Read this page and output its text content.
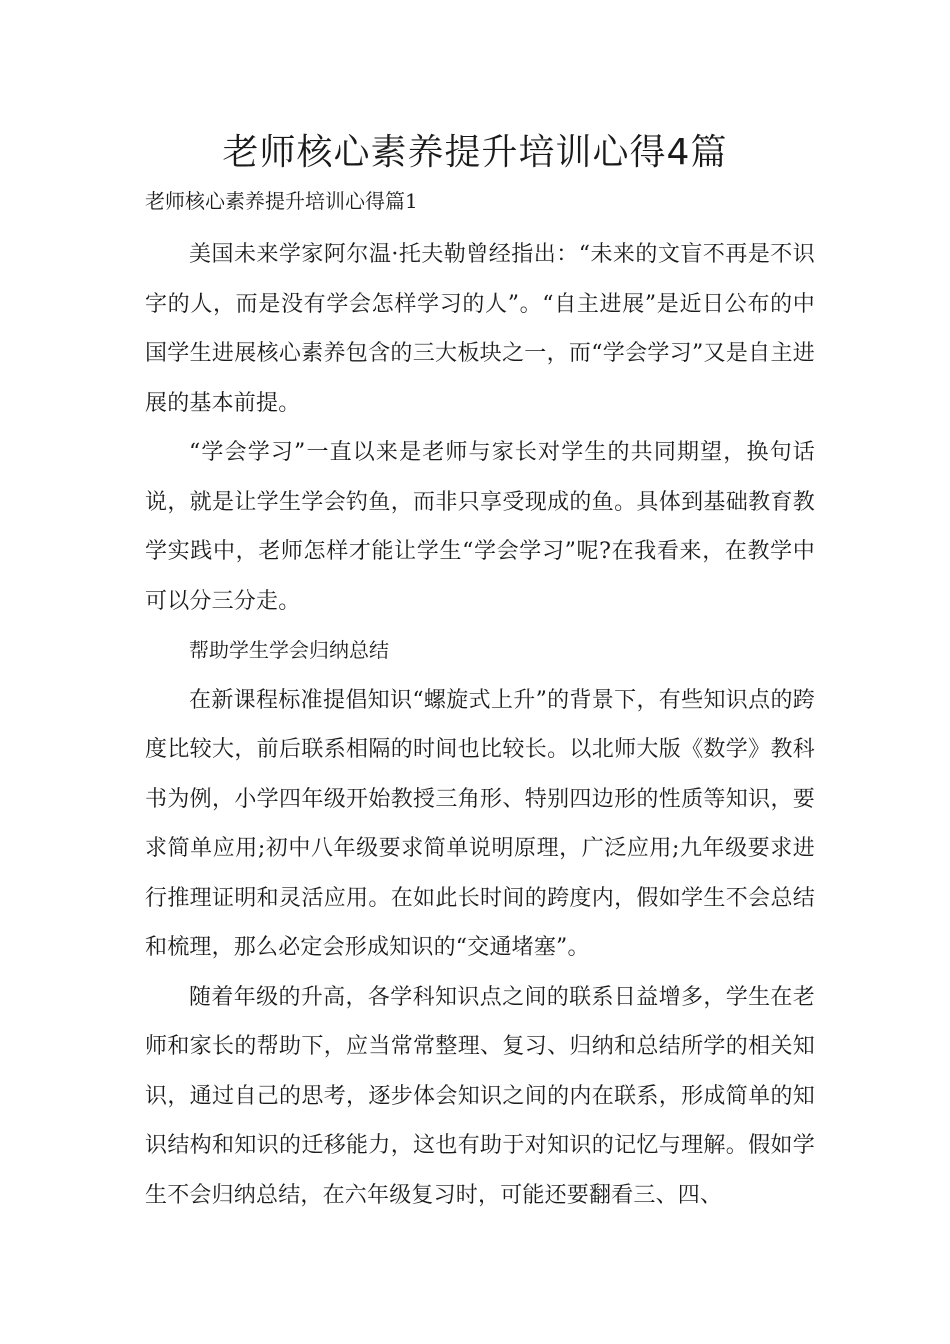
老师核心素养提升培训心得4篇

老师核心素养提升培训心得篇1

美国未来学家阿尔温·托夫勒曾经指出：“未来的文盲不再是不识字的人，而是没有学会怎样学习的人”。“自主进展”是近日公布的中国学生进展核心素养包含的三大板块之一，而“学会学习”又是自主进展的基本前提。

“学会学习”一直以来是老师与家长对学生的共同期望，换句话说，就是让学生学会钓鱼，而非只享受现成的鱼。具体到基础教育教学实践中，老师怎样才能让学生“学会学习”呢?在我看来，在教学中可以分三分走。

帮助学生学会归纳总结

在新课程标准提倡知识“螺旋式上升”的背景下，有些知识点的跨度比较大，前后联系相隔的时间也比较长。以北师大版《数学》教科书为例，小学四年级开始教授三角形、特别四边形的性质等知识，要求简单应用;初中八年级要求简单说明原理，广泛应用;九年级要求进行推理证明和灵活应用。在如此长时间的跨度内，假如学生不会总结和梳理，那么必定会形成知识的“交通堵塞”。

随着年级的升高，各学科知识点之间的联系日益增多，学生在老师和家长的帮助下，应当常常整理、复习、归纳和总结所学的相关知识，通过自己的思考，逐步体会知识之间的内在联系，形成简单的知识结构和知识的迁移能力，这也有助于对知识的记忆与理解。假如学生不会归纳总结，在六年级复习时，可能还要翻看三、四、
